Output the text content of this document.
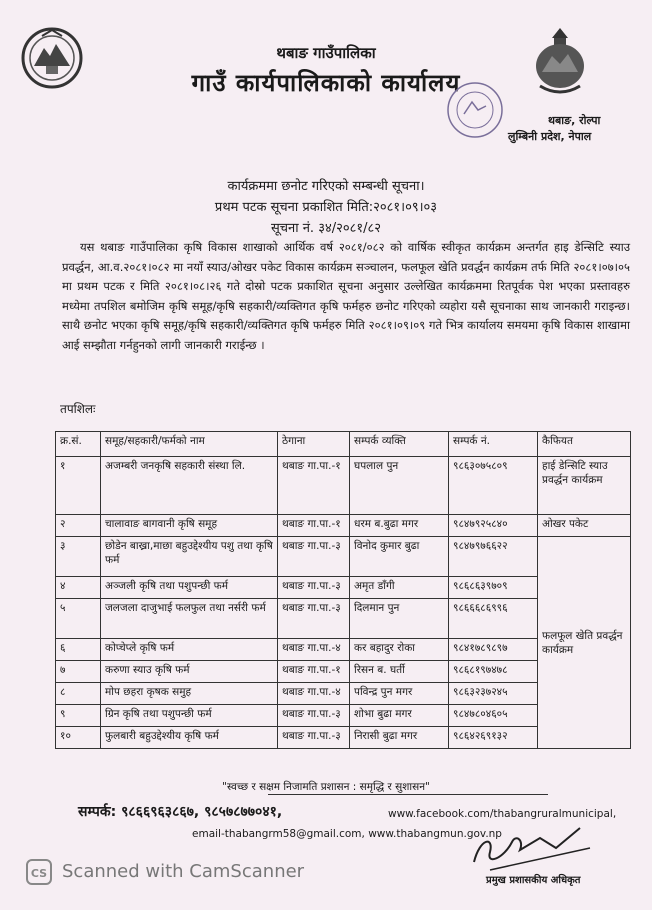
थबाङ गाउँपालिका
गाउँ कार्यपालिकाको कार्यालय
थबाङ, रोल्पा
लुम्बिनी प्रदेश, नेपाल
कार्यक्रममा छनोट गरिएको सम्बन्धी सूचना।
प्रथम पटक सूचना प्रकाशित मिति:२०८१।०९।०३
सूचना नं. ३४/२०८१/८२
यस थबाङ गाउँपालिका कृषि विकास शाखाको आर्थिक वर्ष २०८१/०८२ को वार्षिक स्वीकृत कार्यक्रम अन्तर्गत हाइ डेन्सिटि स्याउ प्रवर्द्धन, आ.व.२०८१।०८२ मा नयाँ स्याउ/ओखर पकेट विकास कार्यक्रम सञ्चालन, फलफूल खेति प्रवर्द्धन कार्यक्रम तर्फ मिति २०८१।०७।०५ मा प्रथम पटक र मिति २०८१।०८।२६ गते दोस्रो पटक प्रकाशित सूचना अनुसार उल्लेखित कार्यक्रममा रितपूर्वक पेश भएका प्रस्तावहरु मध्येमा तपशिल बमोजिम कृषि समूह/कृषि सहकारी/व्यक्तिगत कृषि फर्महरु छनोट गरिएको व्यहोरा यसै सूचनाका साथ जानकारी गराइन्छ। साथै छनोट भएका कृषि समूह/कृषि सहकारी/व्यक्तिगत कृषि फर्महरु मिति २०८१।०९।०९ गते भित्र कार्यालय समयमा कृषि विकास शाखामा आई सम्झौता गर्नहुनको लागी जानकारी गराईन्छ ।
तपशिलः
क्र.सं.	समूह/सहकारी/फर्मको नाम	ठेगाना	सम्पर्क व्यक्ति	सम्पर्क नं.	कैफियत
१	अजम्बरी जनकृषि सहकारी संस्था लि.	थबाङ गा.पा.-१	घपलाल पुन	९८६३०७५८०९	हाई डेन्सिटि स्याउ प्रवर्द्धन कार्यक्रम
२	चालावाङ बागवानी कृषि समूह	थबाङ गा.पा.-१	धरम ब.बुढा मगर	९८४७९२५८४०	ओखर पकेट
३	छोडेन बाख्रा,माछा बहुउद्देश्यीय पशु तथा कृषि फर्म	थबाङ गा.पा.-३	विनोद कुमार बुढा	९८४७९७६६२२	फलफूल खेति प्रवर्द्धन कार्यक्रम
४	अञ्जली कृषि तथा पशुपन्छी फर्म	थबाङ गा.पा.-३	अमृत डाँगी	९८६८६३९७०९	
५	जलजला दाजुभाई फलफुल तथा नर्सरी फर्म	थबाङ गा.पा.-३	दिलमान पुन	९८६६६८६९९६	
६	कोप्चेप्ले कृषि फर्म	थबाङ गा.पा.-४	कर बहादुर रोका	९८४१७८९८९७	
७	करुणा स्याउ कृषि फर्म	थबाङ गा.पा.-१	रिसन ब. घर्ती	९८६८१९७४७८	
८	मोप छहरा कृषक समुह	थबाङ गा.पा.-४	पविन्द्र पुन मगर	९८६३२३७२४५	
९	ग्रिन कृषि तथा पशुपन्छी फर्म	थबाङ गा.पा.-३	शोभा बुढा मगर	९८४७८०४६०५	
१०	फुलबारी बहुउद्देश्यीय कृषि फर्म	थबाङ गा.पा.-३	निरासी बुढा मगर	९८६४२६९१३२	
"स्वच्छ र सक्षम निजामति प्रशासन : समृद्धि र सुशासन"
सम्पर्क: ९८६६९६३८६७, ९८५७८७७०४१,	www.facebook.com/thabangruralmunicipal,
email-thabangrm58@gmail.com, www.thabangmun.gov.np
CS Scanned with CamScanner	प्रमुख प्रशासकीय अधिकृत
